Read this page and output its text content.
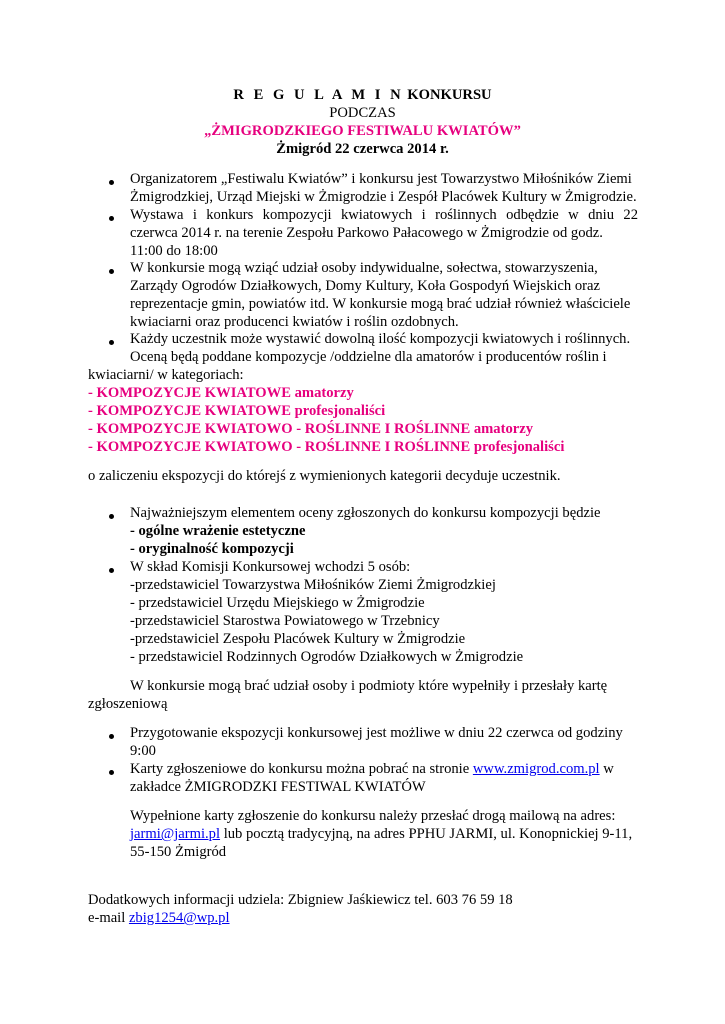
R E G U L A M I N KONKURSU
PODCZAS
„ŻMIGRODZKIEGO FESTIWALU KWIATÓW”
Żmigród 22 czerwca 2014 r.
Organizatorem „Festiwalu Kwiatów” i konkursu jest Towarzystwo Miłośników Ziemi
Żmigrodzkiej, Urząd Miejski w Żmigrodzie i Zespół Placówek Kultury w Żmigrodzie.
Wystawa i konkurs kompozycji kwiatowych i roślinnych odbędzie w dniu 22
czerwca 2014 r. na terenie Zespołu Parkowo Pałacowego w Żmigrodzie od godz.
11:00 do 18:00
W konkursie mogą wziąć udział osoby indywidualne, sołectwa, stowarzyszenia,
Zarządy Ogrodów Działkowych, Domy Kultury, Koła Gospodyń Wiejskich oraz
reprezentacje gmin, powiatów itd. W konkursie mogą brać udział również właściciele
kwiaciarni oraz producenci kwiatów i roślin ozdobnych.
Każdy uczestnik może wystawić dowolną ilość kompozycji kwiatowych i roślinnych.
Oceną będą poddane kompozycje /oddzielne dla amatorów i producentów roślin i
kwiaciarni/ w kategoriach:
- KOMPOZYCJE KWIATOWE amatorzy
- KOMPOZYCJE KWIATOWE profesjonaliści
- KOMPOZYCJE KWIATOWO - ROŚLINNE I ROŚLINNE amatorzy
- KOMPOZYCJE KWIATOWO - ROŚLINNE I ROŚLINNE profesjonaliści
o zaliczeniu ekspozycji do którejś z wymienionych kategorii decyduje uczestnik.
Najważniejszym elementem oceny zgłoszonych do konkursu kompozycji będzie
- ogólne wrażenie estetyczne
- oryginalność kompozycji
W skład Komisji Konkursowej wchodzi 5 osób:
-przedstawiciel Towarzystwa Miłośników Ziemi Żmigrodzkiej
- przedstawiciel Urzędu Miejskiego w Żmigrodzie
-przedstawiciel Starostwa Powiatowego w Trzebnicy
-przedstawiciel Zespołu Placówek Kultury w Żmigrodzie
- przedstawiciel Rodzinnych Ogrodów Działkowych w Żmigrodzie
W konkursie mogą brać udział osoby i podmioty które wypełniły i przesłały kartę
zgłoszeniową
Przygotowanie ekspozycji konkursowej jest możliwe w dniu 22 czerwca od godziny
9:00
Karty zgłoszeniowe do konkursu można pobrać na stronie www.zmigrod.com.pl w
zakładce ŻMIGRODZKI FESTIWAL KWIATÓW
Wypełnione karty zgłoszenie do konkursu należy przesłać drogą mailową na adres:
jarmi@jarmi.pl lub pocztą tradycyjną, na adres PPHU JARMI, ul. Konopnickiej 9-11,
55-150 Żmigród
Dodatkowych informacji udziela: Zbigniew Jaśkiewicz tel. 603 76 59 18
e-mail zbig1254@wp.pl
